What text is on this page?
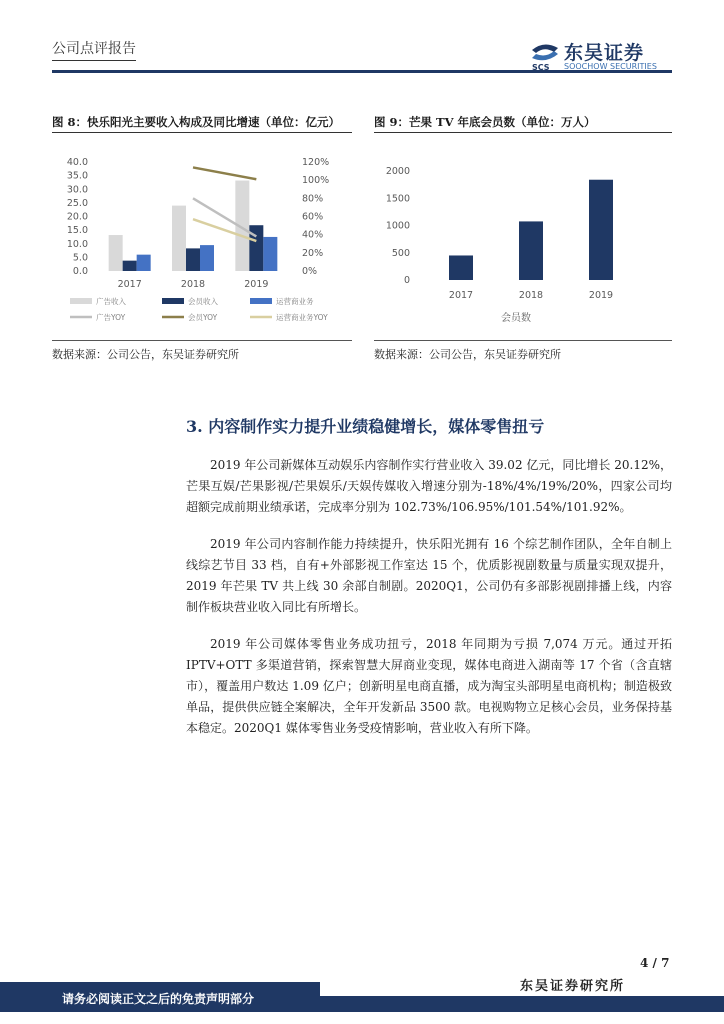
公司点评报告
SCS
东吴证券
SOOCHOW SECURITIES
图 8：快乐阳光主要收入构成及同比增速（单位：亿元）	图 9：芒果 TV 年底会员数（单位：万人）
40.0
35.0
30.0
25.0
20.0
15.0
10.0
5.0
0.0
120%
100%
80%
60%
40%
20%
0%
2017	2018	2019
广告收入	会员收入	运营商业务
广告YOY	会员YOY	运营商业务YOY
2000
1500
1000
500
0
2017	2018	2019
会员数
数据来源：公司公告，东吴证券研究所	数据来源：公司公告，东吴证券研究所
3. 内容制作实力提升业绩稳健增长，媒体零售扭亏

2019 年公司新媒体互动娱乐内容制作实行营业收入 39.02 亿元，同比增长 20.12%，芒果互娱/芒果影视/芒果娱乐/天娱传媒收入增速分别为-18%/4%/19%/20%，四家公司均超额完成前期业绩承诺，完成率分别为 102.73%/106.95%/101.54%/101.92%。

2019 年公司内容制作能力持续提升，快乐阳光拥有 16 个综艺制作团队，全年自制上线综艺节目 33 档，自有+外部影视工作室达 15 个，优质影视剧数量与质量实现双提升，2019 年芒果 TV 共上线 30 余部自制剧。2020Q1，公司仍有多部影视剧排播上线，内容制作板块营业收入同比有所增长。

2019 年公司媒体零售业务成功扭亏，2018 年同期为亏损 7,074 万元。通过开拓 IPTV+OTT 多渠道营销，探索智慧大屏商业变现，媒体电商进入湖南等 17 个省（含直辖市），覆盖用户数达 1.09 亿户；创新明星电商直播，成为淘宝头部明星电商机构；制造极致单品，提供供应链全案解决，全年开发新品 3500 款。电视购物立足核心会员，业务保持基本稳定。2020Q1 媒体零售业务受疫情影响，营业收入有所下降。

4 / 7
东吴证券研究所
请务必阅读正文之后的免责声明部分
